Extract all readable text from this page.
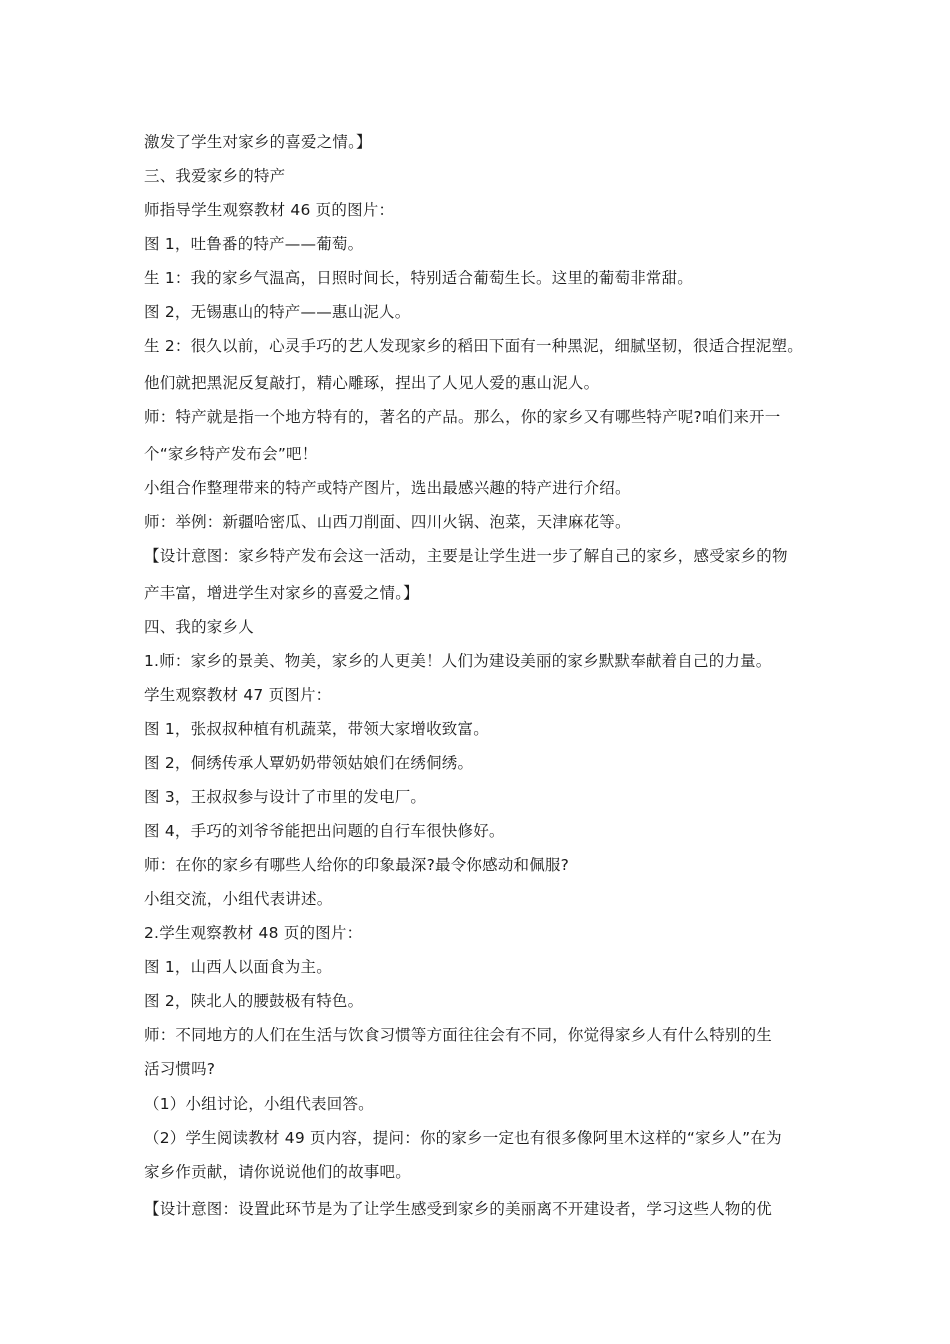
激发了学生对家乡的喜爱之情。】
三、我爱家乡的特产
师指导学生观察教材 46 页的图片：
图 1，吐鲁番的特产——葡萄。
生 1：我的家乡气温高，日照时间长，特别适合葡萄生长。这里的葡萄非常甜。
图 2，无锡惠山的特产——惠山泥人。
生 2：很久以前，心灵手巧的艺人发现家乡的稻田下面有一种黑泥，细腻坚韧，很适合捏泥塑。
他们就把黑泥反复敲打，精心雕琢，捏出了人见人爱的惠山泥人。
师：特产就是指一个地方特有的，著名的产品。那么，你的家乡又有哪些特产呢?咱们来开一
个“家乡特产发布会”吧！
小组合作整理带来的特产或特产图片，选出最感兴趣的特产进行介绍。
师：举例：新疆哈密瓜、山西刀削面、四川火锅、泡菜，天津麻花等。
【设计意图：家乡特产发布会这一活动，主要是让学生进一步了解自己的家乡，感受家乡的物
产丰富，增进学生对家乡的喜爱之情。】
四、我的家乡人
1.师：家乡的景美、物美，家乡的人更美！人们为建设美丽的家乡默默奉献着自己的力量。
学生观察教材 47 页图片：
图 1，张叔叔种植有机蔬菜，带领大家增收致富。
图 2，侗绣传承人覃奶奶带领姑娘们在绣侗绣。
图 3，王叔叔参与设计了市里的发电厂。
图 4，手巧的刘爷爷能把出问题的自行车很快修好。
师：在你的家乡有哪些人给你的印象最深?最令你感动和佩服?
小组交流，小组代表讲述。
2.学生观察教材 48 页的图片：
图 1，山西人以面食为主。
图 2，陕北人的腰鼓极有特色。
师：不同地方的人们在生活与饮食习惯等方面往往会有不同，你觉得家乡人有什么特别的生
活习惯吗?
（1）小组讨论，小组代表回答。
（2）学生阅读教材 49 页内容，提问：你的家乡一定也有很多像阿里木这样的“家乡人”在为
家乡作贡献，请你说说他们的故事吧。
【设计意图：设置此环节是为了让学生感受到家乡的美丽离不开建设者，学习这些人物的优
